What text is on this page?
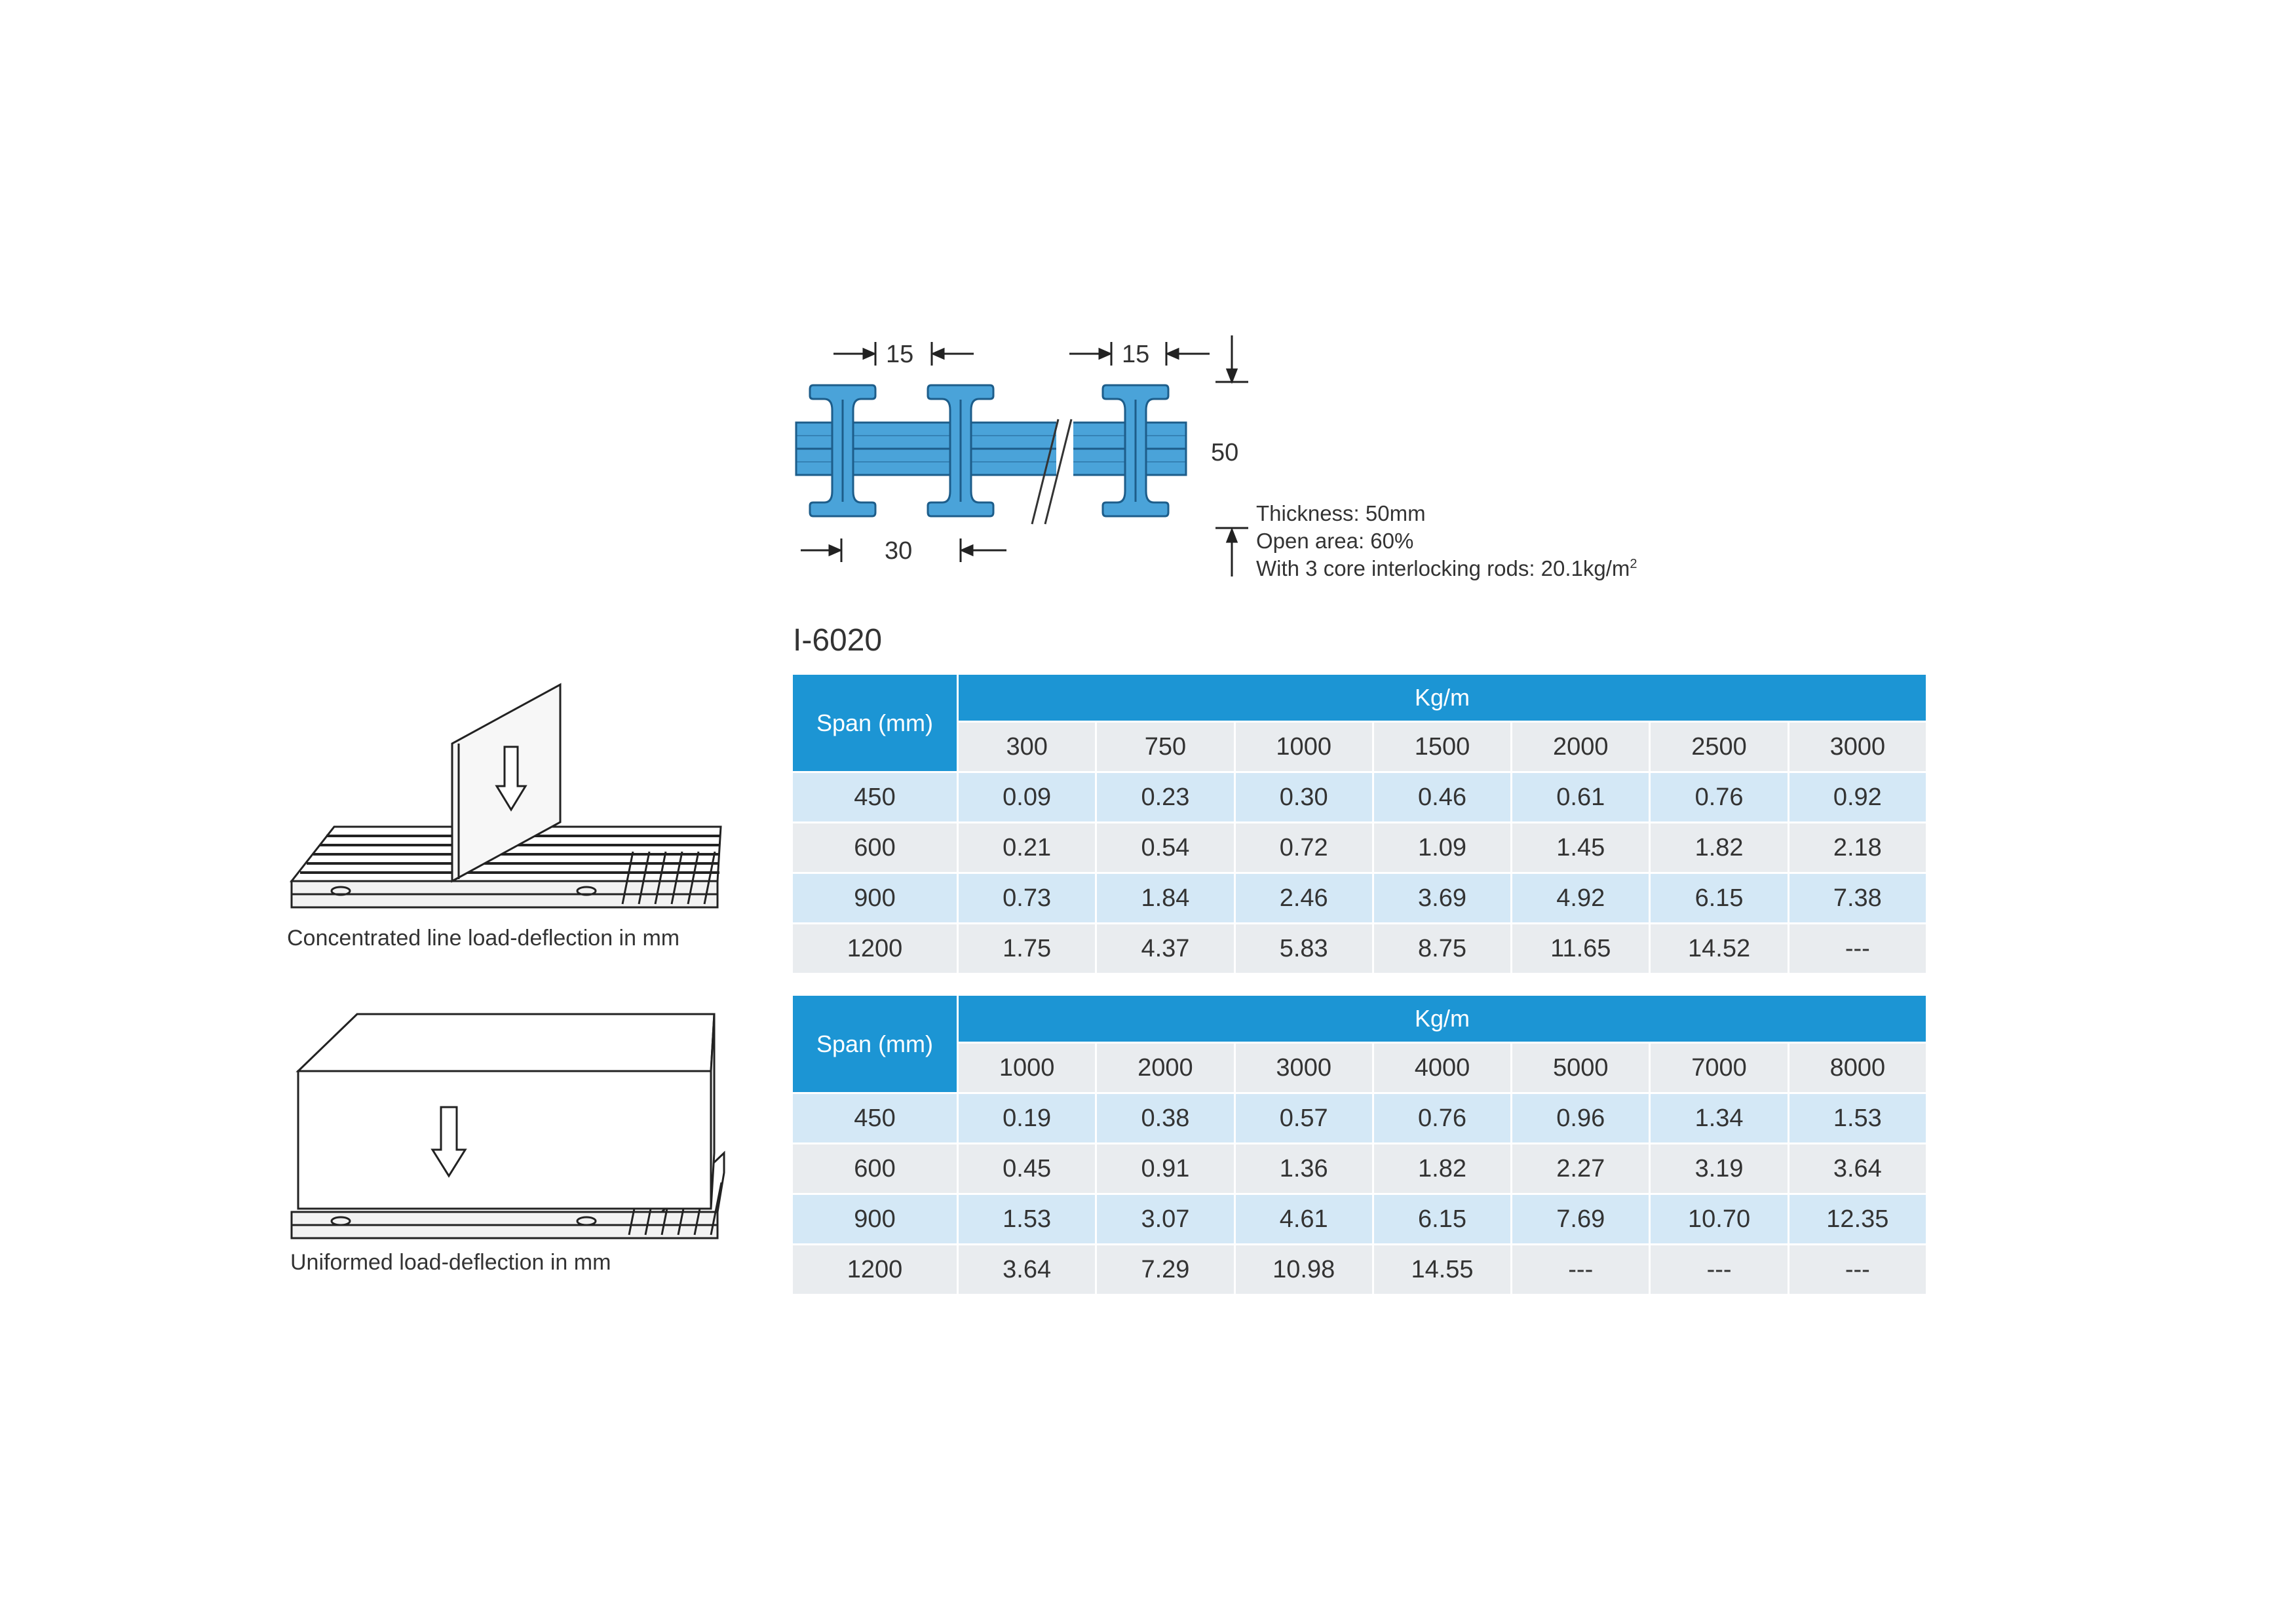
15	15
50
30
Thickness: 50mm
Open area: 60%
With 3 core interlocking rods: $20.1kg/m^2$
I-6020
Concentrated line load-deflection in mm
Uniformed load-deflection in mm
Span (mm)	Kg/m						
	300	750	1000	1500	2000	2500	3000
450	0.09	0.23	0.30	0.46	0.61	0.76	0.92
600	0.21	0.54	0.72	1.09	1.45	1.82	2.18
900	0.73	1.84	2.46	3.69	4.92	6.15	7.38
1200	1.75	4.37	5.83	8.75	11.65	14.52	---
Span (mm)	Kg/m						
	1000	2000	3000	4000	5000	7000	8000
450	0.19	0.38	0.57	0.76	0.96	1.34	1.53
600	0.45	0.91	1.36	1.82	2.27	3.19	3.64
900	1.53	3.07	4.61	6.15	7.69	10.70	12.35
1200	3.64	7.29	10.98	14.55	---	---	---
